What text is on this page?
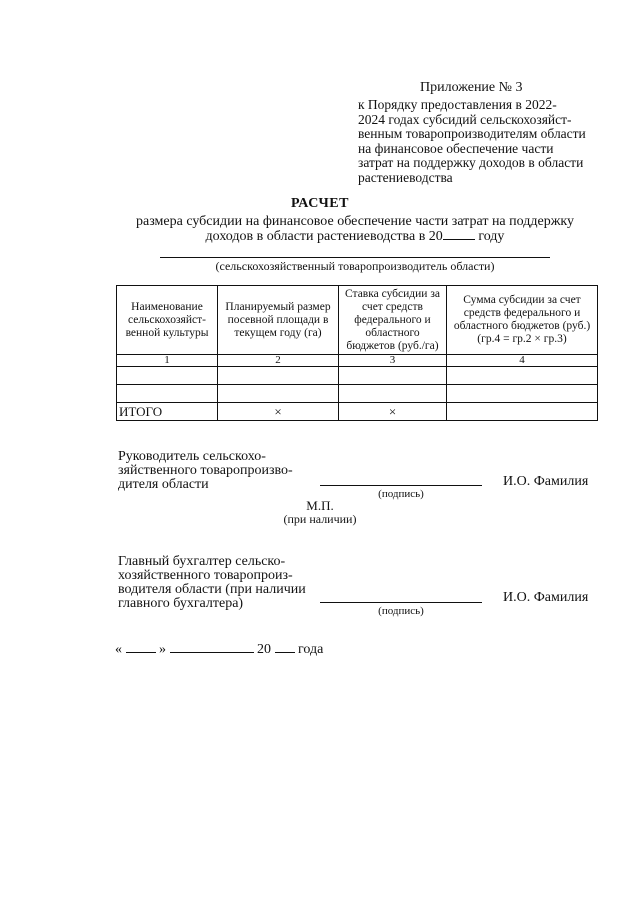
Приложение № 3
к Порядку предоставления в 2022-
2024 годах субсидий сельскохозяйст-
венным товаропроизводителям области
на финансовое обеспечение части
затрат на поддержку доходов в области
растениеводства
РАСЧЕТ
размера субсидии на финансовое обеспечение части затрат на поддержку
доходов в области растениеводства в 20	году
(сельскохозяйственный товаропроизводитель области)
Наименование сельскохозяйст- венной культуры	Планируемый размер посевной площади в текущем году (га)	Ставка субсидии за счет средств федерального и областного бюджетов (руб./га)	Сумма субсидии за счет средств федерального и областного бюджетов (руб.) (гр.4 = гр.2 × гр.3)
1	2	3	4

ИТОГО	×	×	
Руководитель сельскохо-
зяйственного товаропроизво-
дителя области
(подпись)
И.О. Фамилия
М.П.
(при наличии)
Главный бухгалтер сельско-
хозяйственного товаропроиз-
водителя области (при наличии
главного бухгалтера)	(подпись)
И.О. Фамилия
«	»	20 года
